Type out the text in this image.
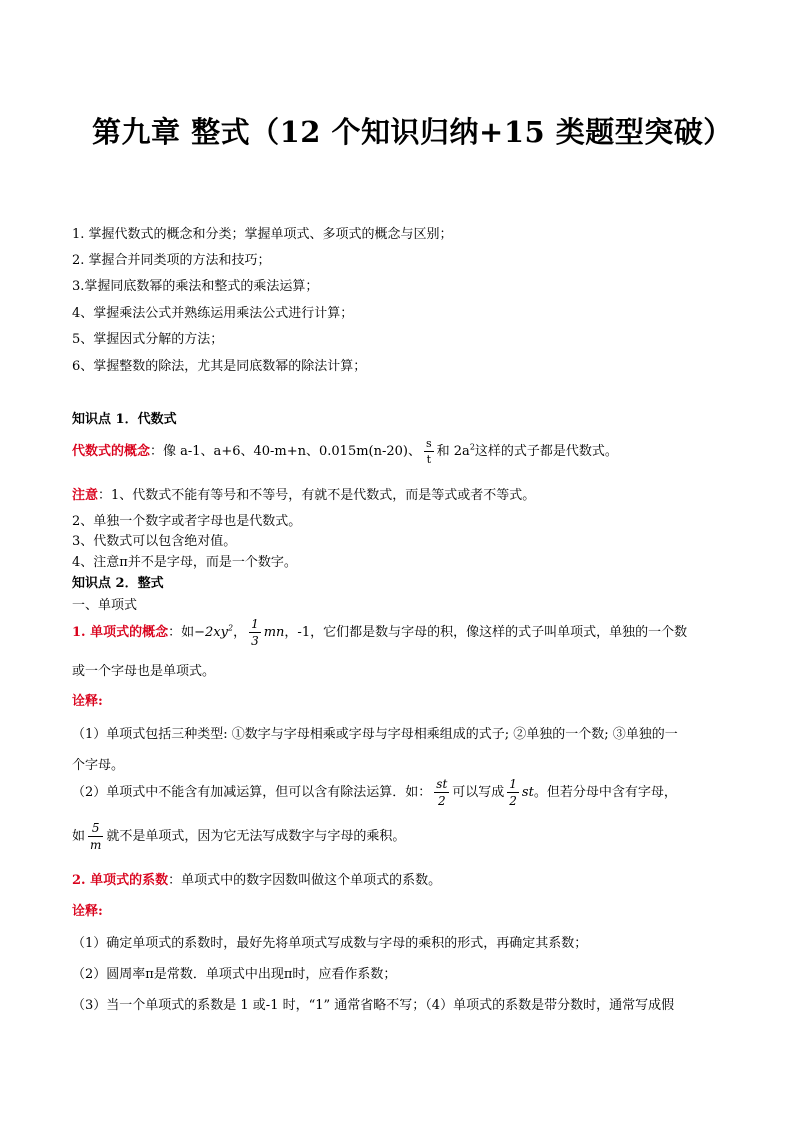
第九章 整式（12 个知识归纳+15 类题型突破）
1. 掌握代数式的概念和分类；掌握单项式、多项式的概念与区别；
2. 掌握合并同类项的方法和技巧；
3.掌握同底数幂的乘法和整式的乘法运算；
4、掌握乘法公式并熟练运用乘法公式进行计算；
5、掌握因式分解的方法；
6、掌握整数的除法，尤其是同底数幂的除法计算；
知识点 1．代数式
代数式的概念：像 a-1、a+6、40-m+n、0.015m(n-20)、 $\frac{s}{t}$ 和 $2a^2$这样的式子都是代数式。
注意：1、代数式不能有等号和不等号，有就不是代数式，而是等式或者不等式。
2、单独一个数字或者字母也是代数式。
3、代数式可以包含绝对值。
4、注意π并不是字母，而是一个数字。
知识点 2．整式
一、单项式
1. 单项式的概念：如$-2xy^2$， $\frac{1}{3}$ mn，-1，它们都是数与字母的积，像这样的式子叫单项式，单独的一个数
或一个字母也是单项式。
诠释:
（1）单项式包括三种类型: ①数字与字母相乘或字母与字母相乘组成的式子; ②单独的一个数; ③单独的一
个字母。
（2）单项式中不能含有加减运算，但可以含有除法运算．如： $\frac{st}{2}$ 可以写成 $\frac{1}{2}$ st。但若分母中含有字母，
如 $\frac{5}{m}$ 就不是单项式，因为它无法写成数字与字母的乘积。
2. 单项式的系数：单项式中的数字因数叫做这个单项式的系数。
诠释:
（1）确定单项式的系数时，最好先将单项式写成数与字母的乘积的形式，再确定其系数；
（2）圆周率π是常数．单项式中出现π时，应看作系数；
（3）当一个单项式的系数是 1 或-1 时，“1” 通常省略不写；（4）单项式的系数是带分数时，通常写成假
